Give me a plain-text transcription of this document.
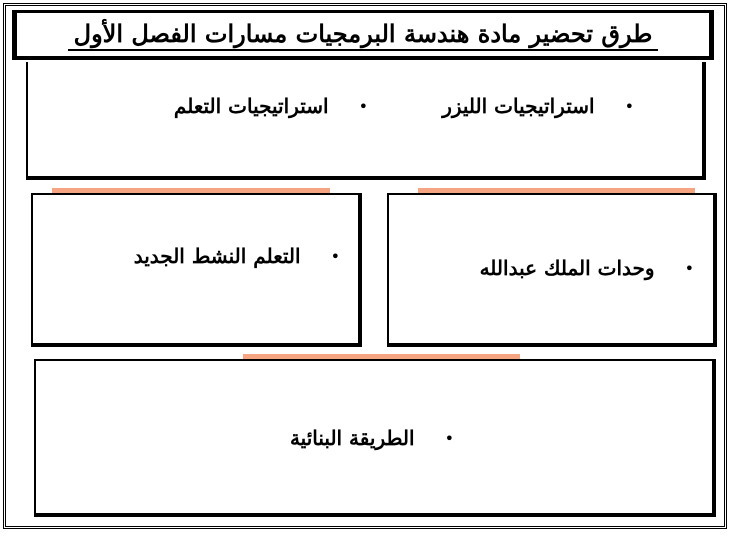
طرق تحضير مادة هندسة البرمجيات مسارات الفصل الأول
•
استراتيجيات الليزر
•
استراتيجيات التعلم
•
التعلم النشط الجديد	•
وحدات الملك عبدالله
•
الطريقة البنائية
